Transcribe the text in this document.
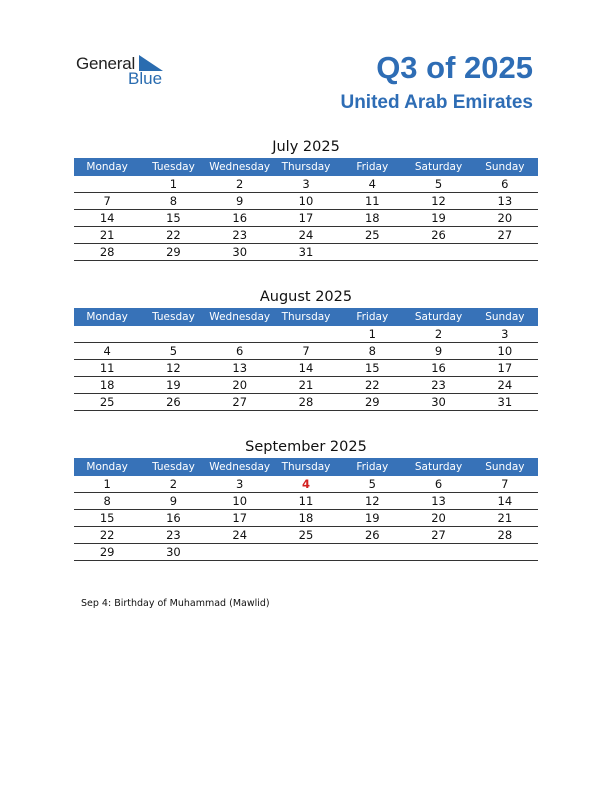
General
Blue	Q3 of 2025
United Arab Emirates
July 2025
Monday	Tuesday	Wednesday	Thursday	Friday	Saturday	Sunday
	1	2	3	4	5	6
7	8	9	10	11	12	13
14	15	16	17	18	19	20
21	22	23	24	25	26	27
28	29	30	31			
August 2025
Monday	Tuesday	Wednesday	Thursday	Friday	Saturday	Sunday
				1	2	3
4	5	6	7	8	9	10
11	12	13	14	15	16	17
18	19	20	21	22	23	24
25	26	27	28	29	30	31
September 2025
Monday	Tuesday	Wednesday	Thursday	Friday	Saturday	Sunday
1	2	3	4	5	6	7
8	9	10	11	12	13	14
15	16	17	18	19	20	21
22	23	24	25	26	27	28
29	30					
Sep 4: Birthday of Muhammad (Mawlid)
